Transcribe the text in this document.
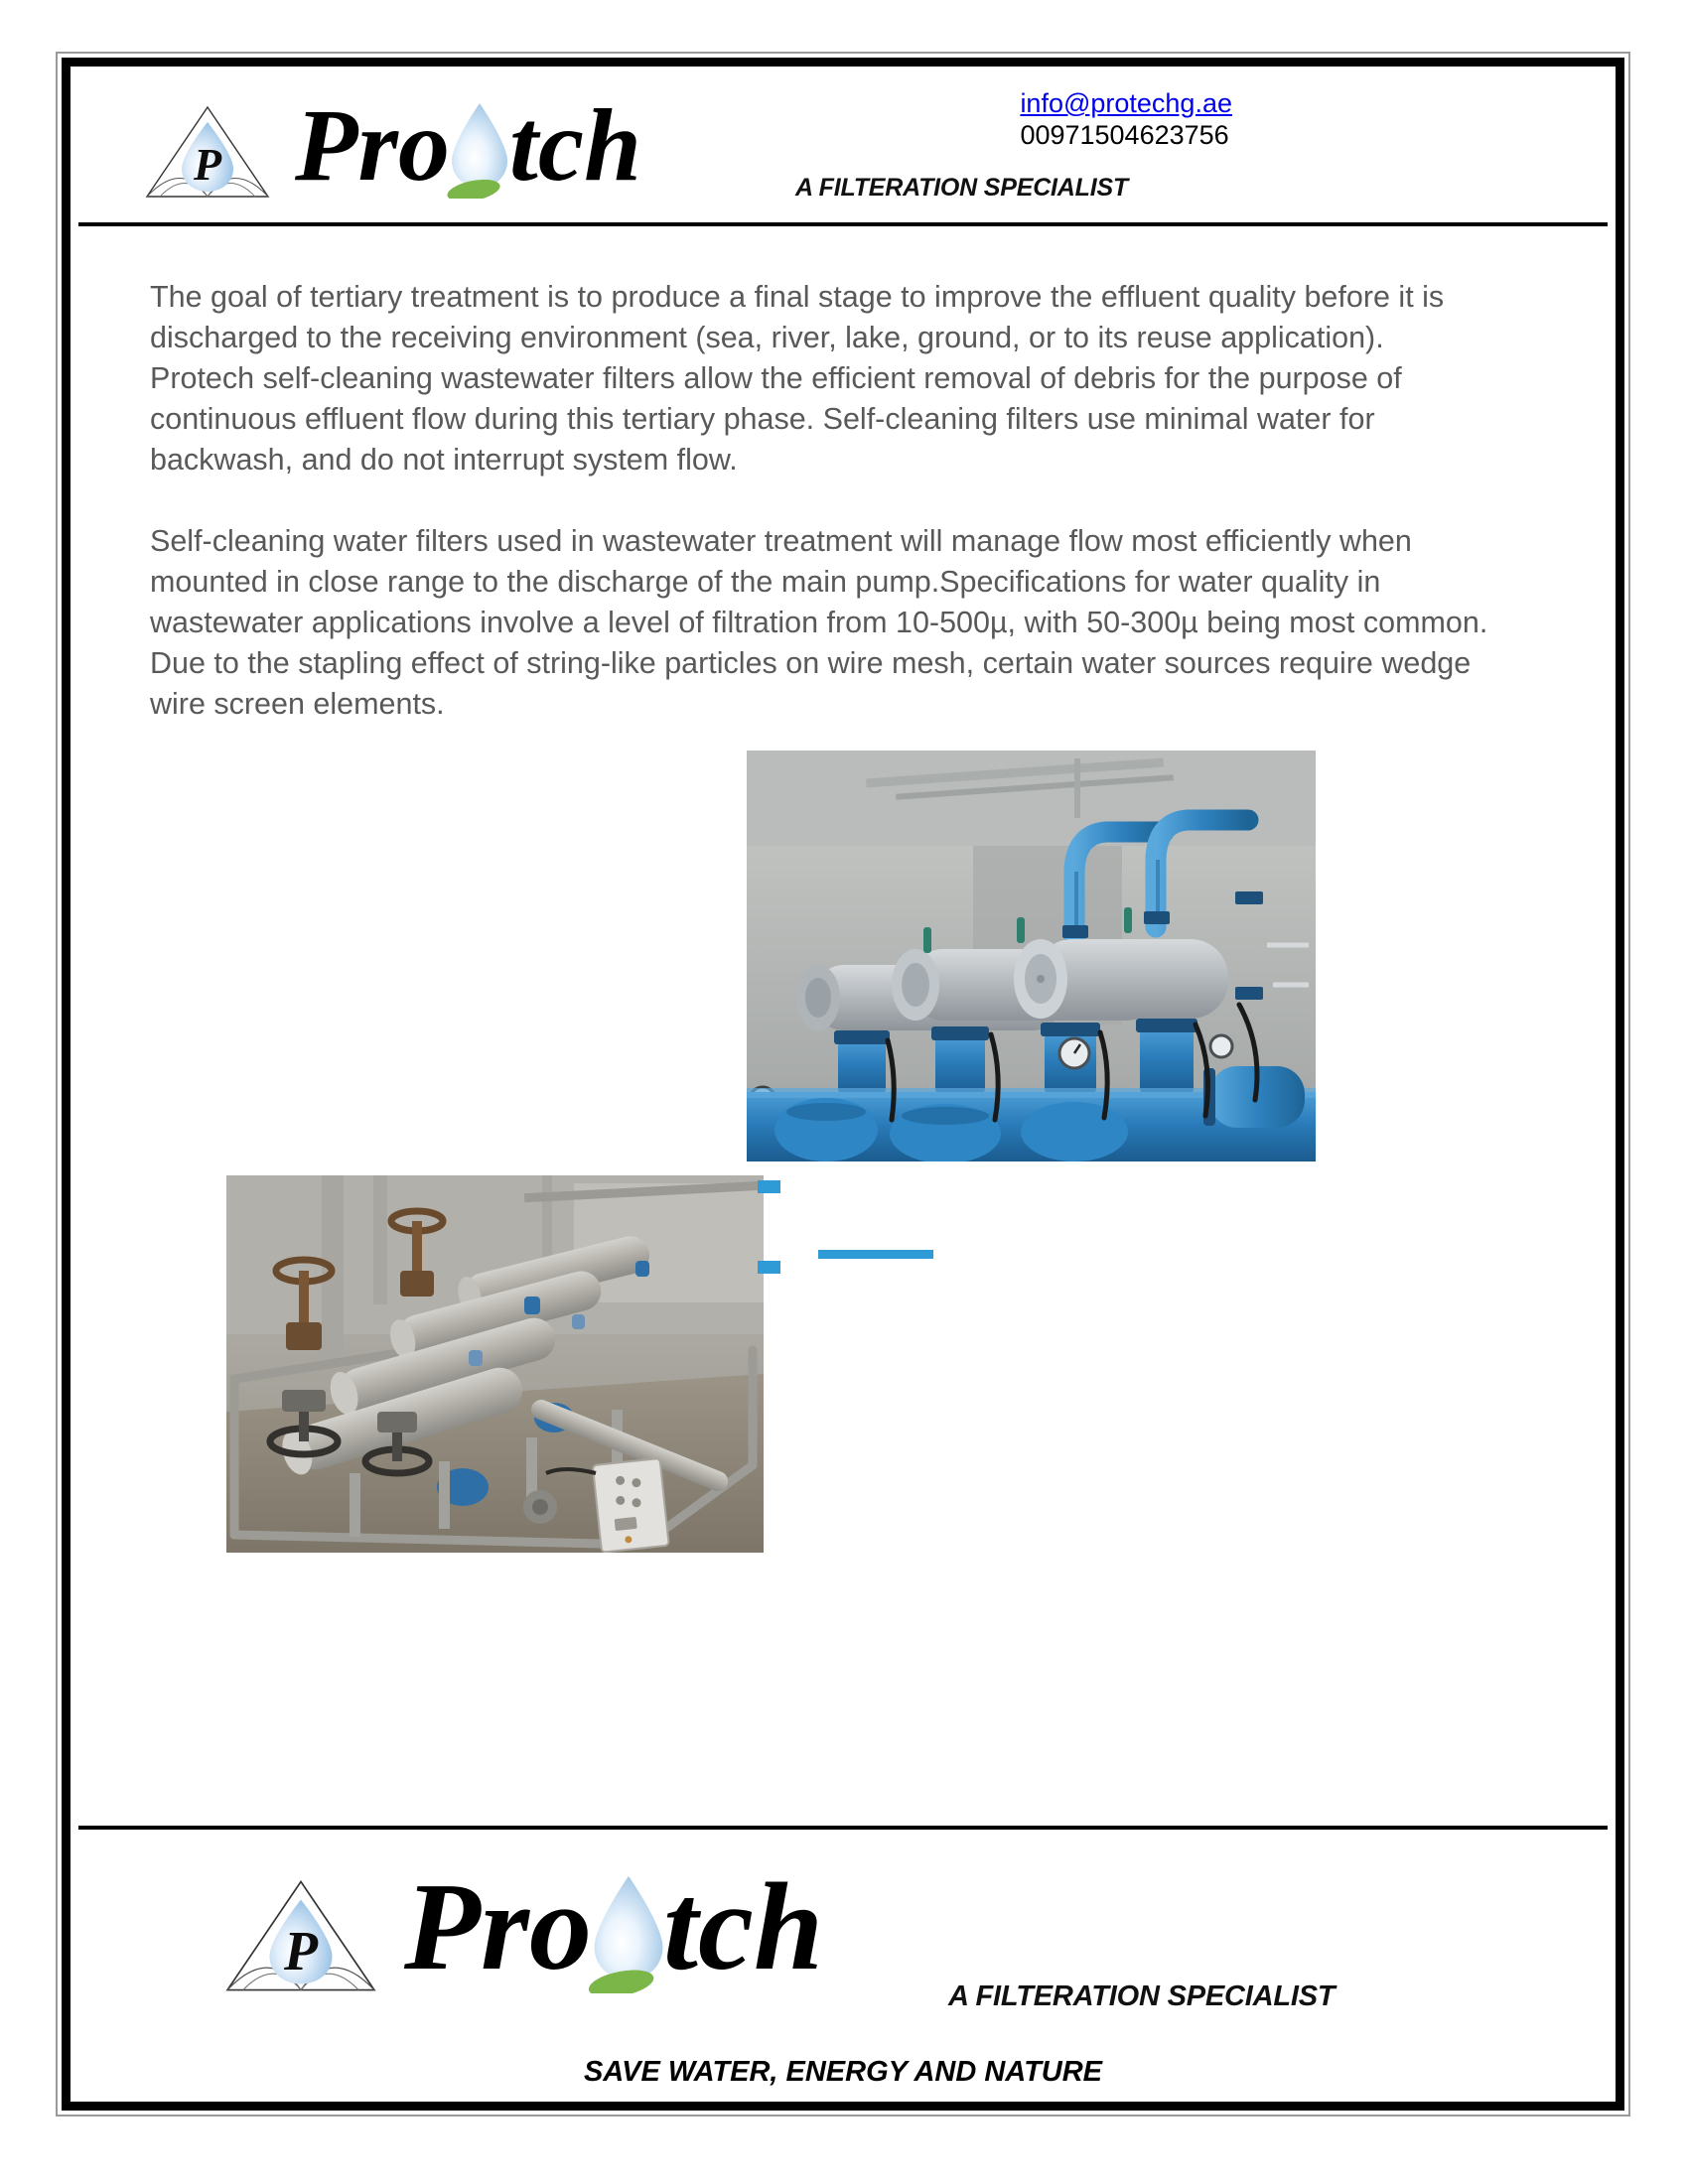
P Pro tch	A FILTERATION SPECIALIST
info@protechg.ae
00971504623756

The goal of tertiary treatment is to produce a final stage to improve the effluent quality before it is discharged to the receiving environment (sea, river, lake, ground, or to its reuse application). Protech self-cleaning wastewater filters allow the efficient removal of debris for the purpose of continuous effluent flow during this tertiary phase. Self-cleaning filters use minimal water for backwash, and do not interrupt system flow.

Self-cleaning water filters used in wastewater treatment will manage flow most efficiently when mounted in close range to the discharge of the main pump.Specifications for water quality in wastewater applications involve a level of filtration from 10-500µ, with 50-300µ being most common. Due to the stapling effect of string-like particles on wire mesh, certain water sources require wedge wire screen elements.

P Pro tch	A FILTERATION SPECIALIST
SAVE WATER, ENERGY AND NATURE
